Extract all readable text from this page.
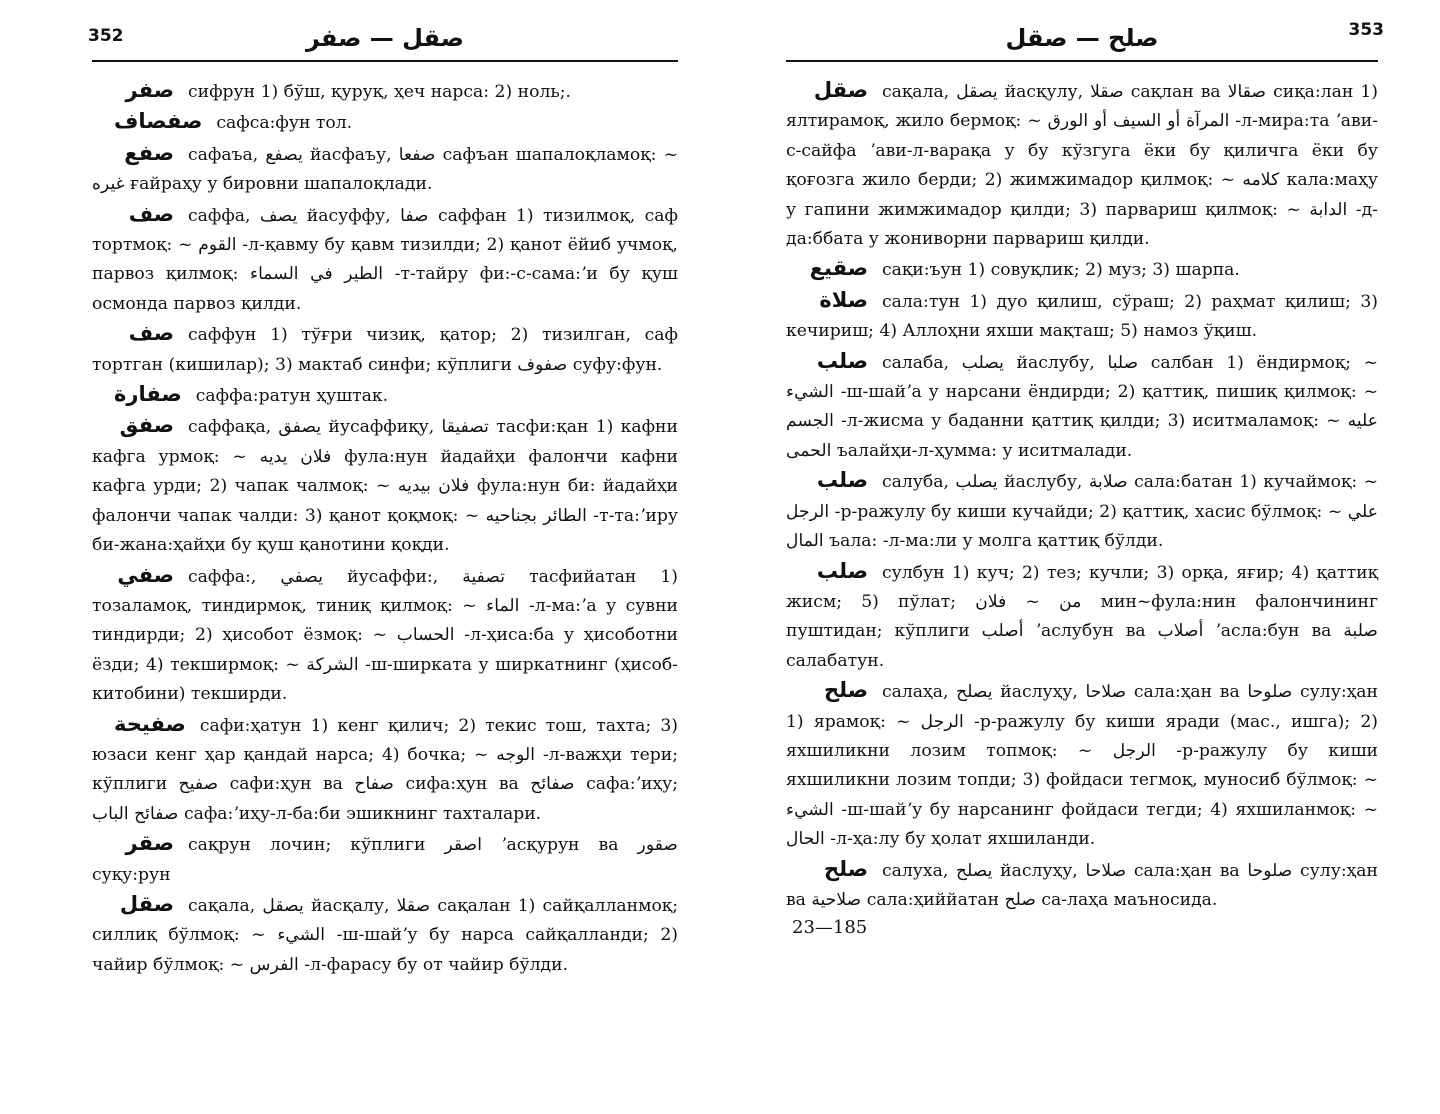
352	صقل — صفر

صفر сифрун 1) бўш, қуруқ, ҳеч нарса: 2) ноль;.

صفصاف сафса:фун тол.

صفع сафаъа, يصفع йасфаъу, صفعا сафъан шапалоқламоқ: ~ غيره ғайраҳу у бировни шапалоқлади.

صف саффа, يصف йасуффу, صفا саффан 1) тизилмоқ, саф тортмоқ: ~ القوم -л-қавму бу қавм тизилди; 2) қанот ёйиб учмоқ, парвоз қилмоқ: الطير في السماء -т-тайру фи:-с-сама:ʼи бу қуш осмонда парвоз қилди.

صف саффун 1) тўғри чизиқ, қатор; 2) тизилган, саф тортган (кишилар); 3) мактаб синфи; кўплиги صفوف суфу:фун.

صفارة саффа:ратун ҳуштак.

صفق саффақа, يصفق йусаффиқу, تصفيقا тасфи:қан 1) кафни кафга урмоқ: ~ فلان يديه фула:нун йадайҳи фалончи кафни кафга урди; 2) чапак чалмоқ: ~ فلان بيديه фула:нун би: йадайҳи фалончи чапак чалди: 3) қанот қоқмоқ: ~ الطائر بجناحيه -т-та:ʼиру би-жана:ҳайҳи бу қуш қанотини қоқди.

صفي саффа:, يصفي йусаффи:, تصفية тасфийатан 1) тозаламоқ, тиндирмоқ, тиниқ қилмоқ: ~ الماء -л-ма:ʼа у сувни тиндирди; 2) ҳисобот ёзмоқ: ~ الحساب -л-ҳиса:ба у ҳисоботни ёзди; 4) текширмоқ: ~ الشركة -ш-ширката у ширкатнинг (ҳисоб-китобини) текширди.

صفيحة сафи:ҳатун 1) кенг қилич; 2) текис тош, тахта; 3) юзаси кенг ҳар қандай нарса; 4) бочка; ~ الوجه -л-важҳи тери; кўплиги صفيح сафи:ҳун ва صفاح сифа:ҳун ва صفائح сафа:ʼиҳу; صفائح الباب сафа:ʼиҳу-л-ба:би эшикнинг тахталари.

صقر сақрун лочин; кўплиги اصقر ʼасқурун ва صقور суқу:рун

صقل сақала, يصقل йасқалу, صقلا сақалан 1) сайқалланмоқ; силлиқ бўлмоқ: ~ الشيء -ш-шайʼу бу нарса сайқалланди; 2) чайир бўлмоқ: ~ الفرس -л-фарасу бу от чайир бўлди.

353
صلح — صقل

صقل сақала, يصقل йасқулу, صقلا сақлан ва صقالا сиқа:лан 1) ялтирамоқ, жило бермоқ: ~ المرآة أو السيف أو الورق -л-мира:та ʼави-с-сайфа ʼави-л-варақа у бу кўзгуга ёки бу қиличга ёки бу қоғозга жило берди; 2) жимжимадор қилмоқ: ~ كلامه кала:маҳу у гапини жимжимадор қилди; 3) парвариш қилмоқ: ~ الدابة -д-да:ббата у жониворни парвариш қилди.

صقيع сақи:ъун 1) совуқлик; 2) муз; 3) шарпа.

صلاة сала:тун 1) дуо қилиш, сўраш; 2) раҳмат қилиш; 3) кечириш; 4) Аллоҳни яхши мақташ; 5) намоз ўқиш.

صلب салаба, يصلب йаслубу, صلبا салбан 1) ёндирмоқ; ~ الشيء -ш-шайʼа у нарсани ёндирди; 2) қаттиқ, пишиқ қилмоқ: ~ الجسم -л-жисма у баданни қаттиқ қилди; 3) иситмаламоқ: ~ عليه الحمى ъалайҳи-л-ҳумма: у иситмалади.

صلب салуба, يصلب йаслубу, صلابة сала:батан 1) кучаймоқ: ~ الرجل -р-ражулу бу киши кучайди; 2) қаттиқ, хасис бўлмоқ: ~ علي المال ъала: -л-ма:ли у молга қаттиқ бўлди.

صلب сулбун 1) куч; 2) тез; кучли; 3) орқа, яғир; 4) қаттиқ жисм; 5) пўлат; من ~ فلان мин~фула:нин фалончининг пуштидан; кўплиги أصلب ʼаслубун ва أصلاب ʼасла:бун ва صلبة салабатун.

صلح салаҳа, يصلح йаслуҳу, صلاحا сала:ҳан ва صلوحا сулу:ҳан 1) ярамоқ: ~ الرجل -р-ражулу бу киши яради (мас., ишга); 2) яхшиликни лозим топмоқ: ~ الرجل -р-ражулу бу киши яхшиликни лозим топди; 3) фойдаси тегмоқ, муносиб бўлмоқ: ~ الشيء -ш-шайʼу бу нарсанинг фойдаси тегди; 4) яхшиланмоқ: ~ الحال -л-ҳа:лу бу ҳолат яхшиланди.

صلح салуха, يصلح йаслуҳу, صلاحا сала:ҳан ва صلوحا сулу:ҳан ва صلاحية сала:ҳиййатан صلح са-лаҳа маъносида.

23—185
